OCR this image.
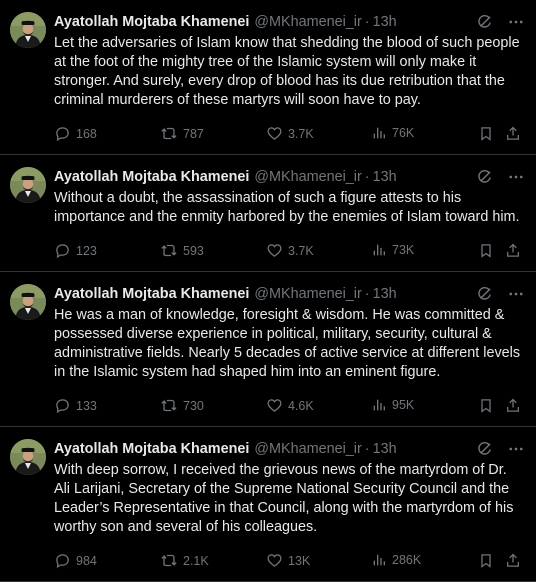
Ayatollah Mojtaba Khamenei @MKhamenei_ir · 13h
Let the adversaries of Islam know that shedding the blood of such people at the foot of the mighty tree of the Islamic system will only make it stronger. And surely, every drop of blood has its due retribution that the criminal murderers of these martyrs will soon have to pay.
168	787	3.7K	76K
Ayatollah Mojtaba Khamenei @MKhamenei_ir · 13h
Without a doubt, the assassination of such a figure attests to his importance and the enmity harbored by the enemies of Islam toward him.
123	593	3.7K	73K
Ayatollah Mojtaba Khamenei @MKhamenei_ir · 13h
He was a man of knowledge, foresight & wisdom. He was committed & possessed diverse experience in political, military, security, cultural & administrative fields. Nearly 5 decades of active service at different levels in the Islamic system had shaped him into an eminent figure.
133	730	4.6K	95K
Ayatollah Mojtaba Khamenei @MKhamenei_ir · 13h
With deep sorrow, I received the grievous news of the martyrdom of Dr. Ali Larijani, Secretary of the Supreme National Security Council and the Leader’s Representative in that Council, along with the martyrdom of his worthy son and several of his colleagues.
984	2.1K	13K	286K
